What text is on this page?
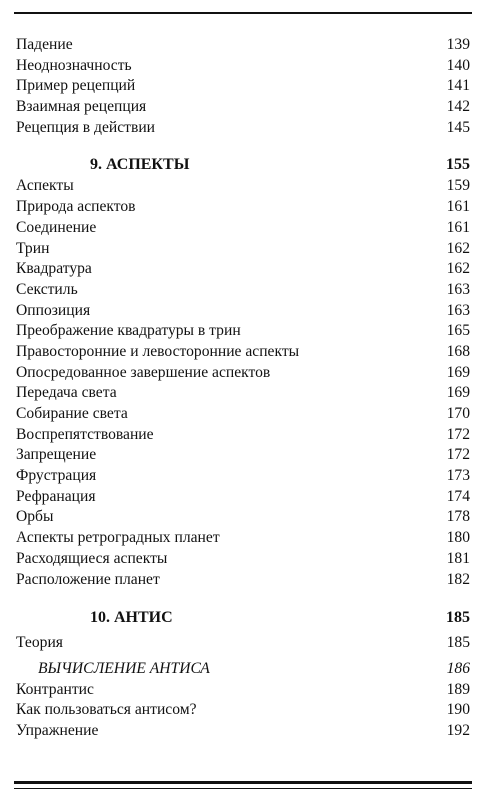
Падение	139
Неоднозначность	140
Пример рецепций	141
Взаимная рецепция	142
Рецепция в действии	145
9. АСПЕКТЫ	155
Аспекты	159
Природа аспектов	161
Соединение	161
Трин	162
Квадратура	162
Секстиль	163
Оппозиция	163
Преображение квадратуры в трин	165
Правосторонние и левосторонние аспекты	168
Опосредованное завершение аспектов	169
Передача света	169
Собирание света	170
Воспрепятствование	172
Запрещение	172
Фрустрация	173
Рефранация	174
Орбы	178
Аспекты ретроградных планет	180
Расходящиеся аспекты	181
Расположение планет	182
10. АНТИС	185
Теория	185
ВЫЧИСЛЕНИЕ АНТИСА	186
Контрантис	189
Как пользоваться антисом?	190
Упражнение	192
